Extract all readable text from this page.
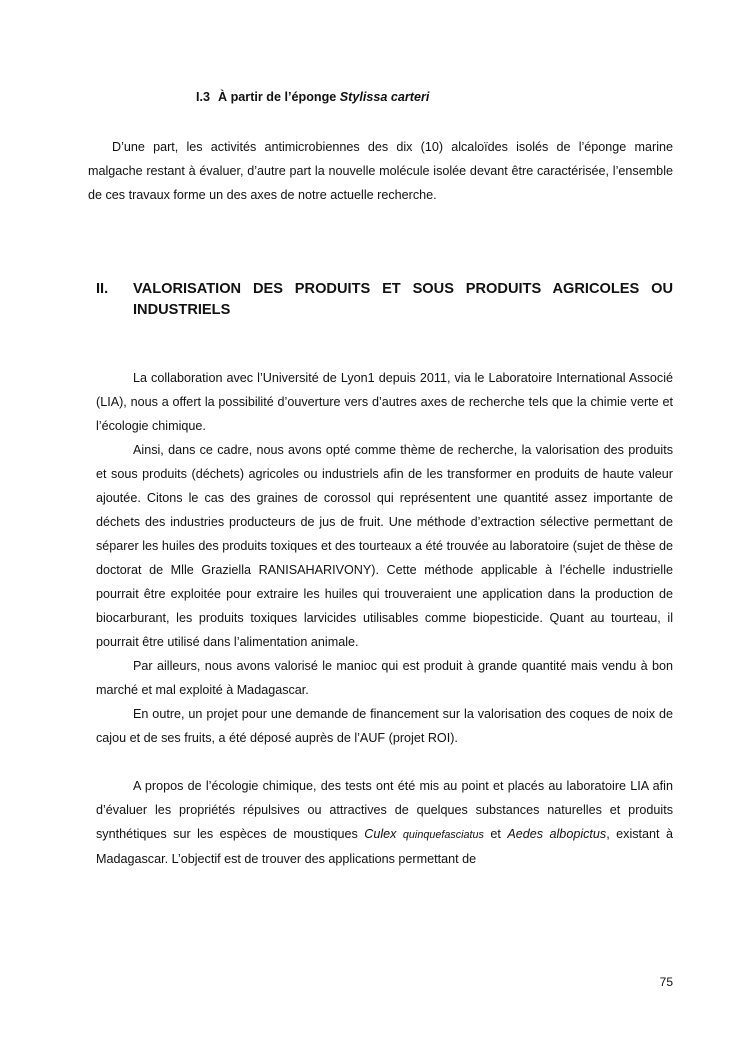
I.3 À partir de l’éponge Stylissa carteri
D’une part, les activités antimicrobiennes des dix (10) alcaloïdes isolés de l’éponge marine malgache restant à évaluer, d’autre part la nouvelle molécule isolée devant être caractérisée, l’ensemble de ces travaux forme un des axes de notre actuelle recherche.
II. VALORISATION DES PRODUITS ET SOUS PRODUITS AGRICOLES OU
INDUSTRIELS

La collaboration avec l’Université de Lyon1 depuis 2011, via le Laboratoire International Associé (LIA), nous a offert la possibilité d’ouverture vers d’autres axes de recherche tels que la chimie verte et l’écologie chimique.

Ainsi, dans ce cadre, nous avons opté comme thème de recherche, la valorisation des produits et sous produits (déchets) agricoles ou industriels afin de les transformer en produits de haute valeur ajoutée. Citons le cas des graines de corossol qui représentent une quantité assez importante de déchets des industries producteurs de jus de fruit. Une méthode d’extraction sélective permettant de séparer les huiles des produits toxiques et des tourteaux a été trouvée au laboratoire (sujet de thèse de doctorat de Mlle Graziella RANISAHARIVONY). Cette méthode applicable à l’échelle industrielle pourrait être exploitée pour extraire les huiles qui trouveraient une application dans la production de biocarburant, les produits toxiques larvicides utilisables comme biopesticide. Quant au tourteau, il pourrait être utilisé dans l’alimentation animale.

Par ailleurs, nous avons valorisé le manioc qui est produit à grande quantité mais vendu à bon marché et mal exploité à Madagascar.

En outre, un projet pour une demande de financement sur la valorisation des coques de noix de cajou et de ses fruits, a été déposé auprès de l’AUF (projet ROI).

A propos de l’écologie chimique, des tests ont été mis au point et placés au laboratoire LIA afin d’évaluer les propriétés répulsives ou attractives de quelques substances naturelles et produits synthétiques sur les espèces de moustiques Culex quinquefasciatus et Aedes albopictus, existant à Madagascar. L’objectif est de trouver des applications permettant de

75
